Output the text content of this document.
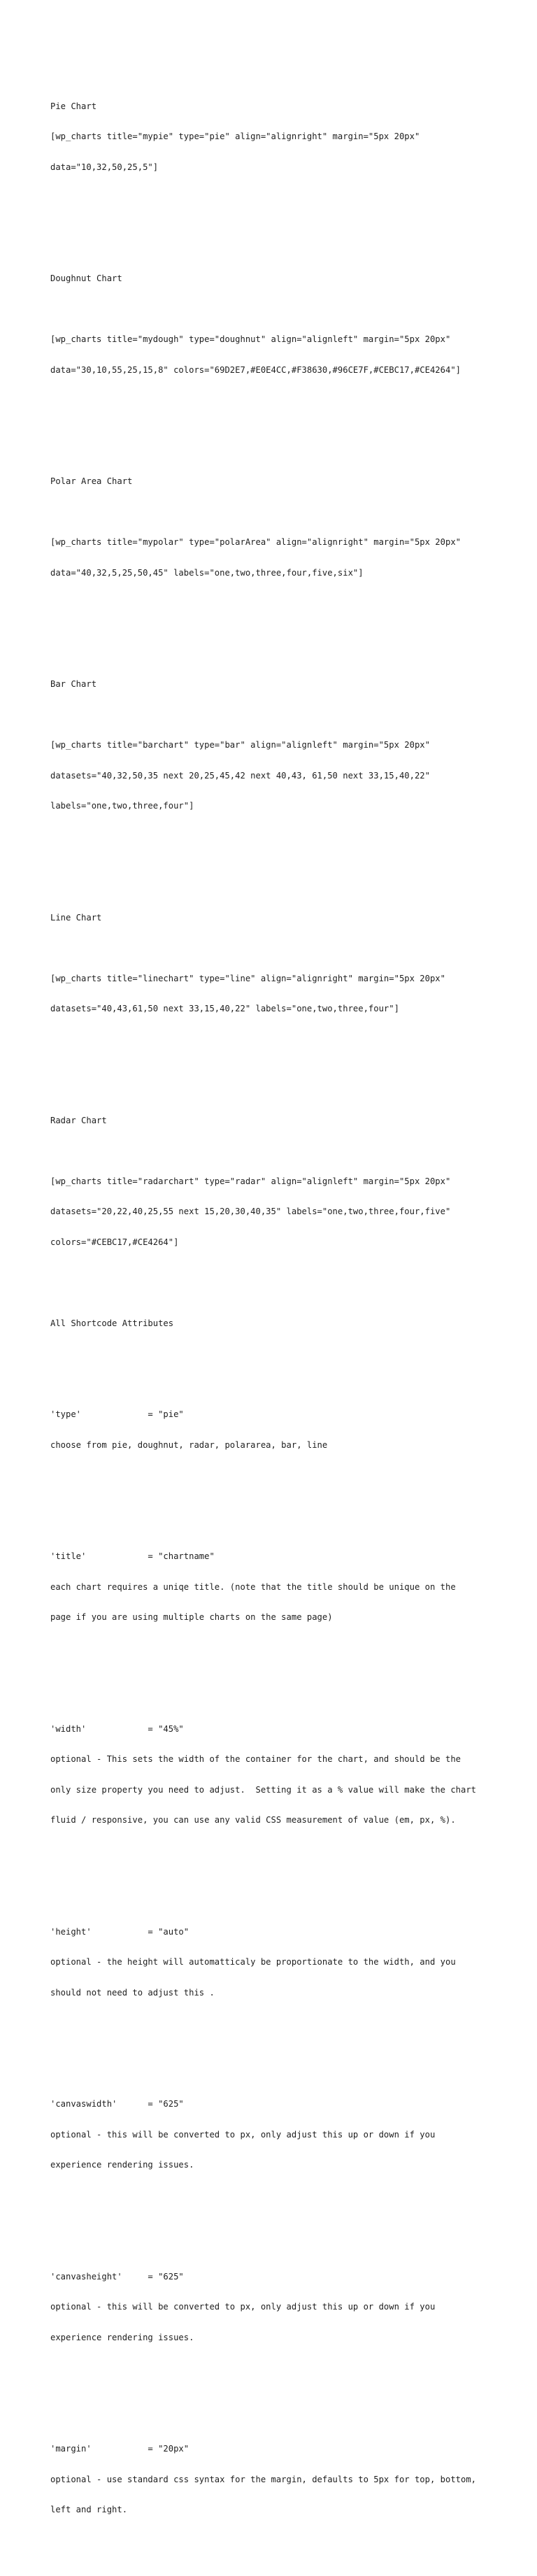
Pie Chart

[wp_charts title="mypie" type="pie" align="alignright" margin="5px 20px"

data="10,32,50,25,5"]

Doughnut Chart

[wp_charts title="mydough" type="doughnut" align="alignleft" margin="5px 20px"

data="30,10,55,25,15,8" colors="69D2E7,#E0E4CC,#F38630,#96CE7F,#CEBC17,#CE4264"]

Polar Area Chart

[wp_charts title="mypolar" type="polarArea" align="alignright" margin="5px 20px"

data="40,32,5,25,50,45" labels="one,two,three,four,five,six"]

Bar Chart

[wp_charts title="barchart" type="bar" align="alignleft" margin="5px 20px"

datasets="40,32,50,35 next 20,25,45,42 next 40,43, 61,50 next 33,15,40,22"

labels="one,two,three,four"]

Line Chart

[wp_charts title="linechart" type="line" align="alignright" margin="5px 20px"

datasets="40,43,61,50 next 33,15,40,22" labels="one,two,three,four"]

Radar Chart

[wp_charts title="radarchart" type="radar" align="alignleft" margin="5px 20px"

datasets="20,22,40,25,55 next 15,20,30,40,35" labels="one,two,three,four,five"

colors="#CEBC17,#CE4264"]

All Shortcode Attributes

'type'             = "pie"

choose from pie, doughnut, radar, polararea, bar, line

'title'            = "chartname"

each chart requires a uniqe title. (note that the title should be unique on the

page if you are using multiple charts on the same page)

'width'            = "45%"

optional - This sets the width of the container for the chart, and should be the

only size property you need to adjust.  Setting it as a % value will make the chart

fluid / responsive, you can use any valid CSS measurement of value (em, px, %).

'height'           = "auto"

optional - the height will automatticaly be proportionate to the width, and you

should not need to adjust this .

'canvaswidth'      = "625"

optional - this will be converted to px, only adjust this up or down if you

experience rendering issues.

'canvasheight'     = "625"

optional - this will be converted to px, only adjust this up or down if you

experience rendering issues.

'margin'           = "20px"

optional - use standard css syntax for the margin, defaults to 5px for top, bottom,

left and right.
